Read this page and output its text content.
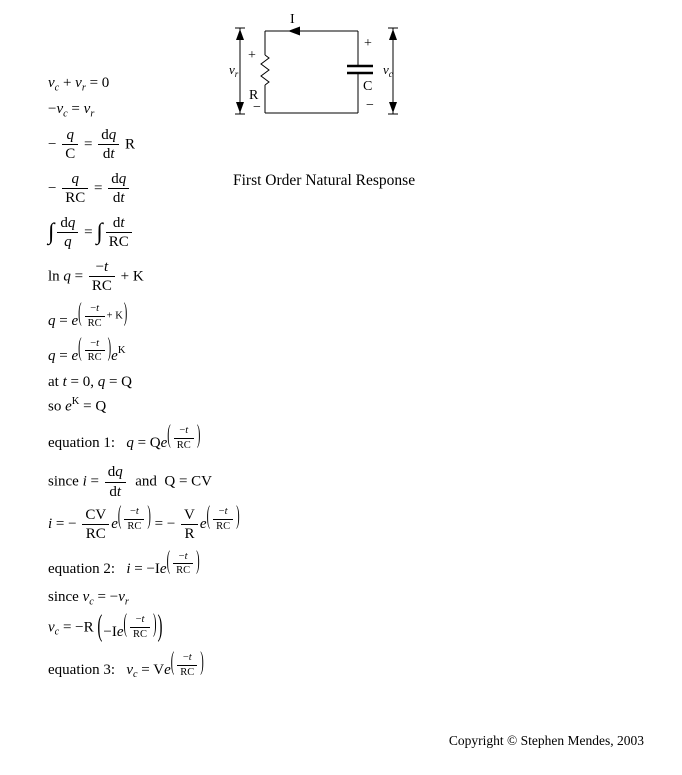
I
+
$v_r$
R
−
+
$v_c$
C
−
First Order Natural Response
$v_c + v_r = 0$
$-v_c = v_r$
− $\frac{q}{C} = \frac{dq}{dt}$ R
− $\frac{q}{RC} = \frac{dq}{dt}$
∫ $\frac{dq}{q}$ = ∫ $\frac{dt}{RC}$
$\ln q = \frac{-t}{RC} + K$
q = e ( $\frac{-t}{RC} + K$ )
q = e ( $\frac{-t}{RC}$ ) eK
at t = 0, q = Q
so eK = Q
equation 1:   q = Qe ( $\frac{-t}{RC}$ )
since $i = \frac{dq}{dt}$ and  Q = CV
i = − $\frac{CV}{RC}$ e ( $\frac{-t}{RC}$ ) = − $\frac{V}{R}$ e ( $\frac{-t}{RC}$ )
equation 2:   i = −Ie ( $\frac{-t}{RC}$ )
since $v_c = -v_r$
$v_c = -R$ ( −Ie ( $\frac{-t}{RC}$ ) )
equation 3:   $v_c = Ve$ ( $\frac{-t}{RC}$ )
Copyright © Stephen Mendes, 2003
